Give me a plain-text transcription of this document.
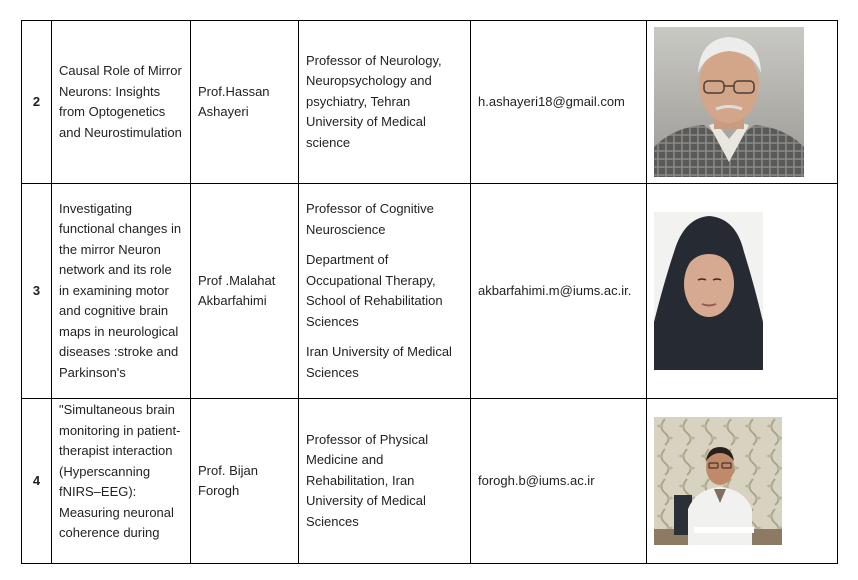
2	Causal Role of Mirror Neurons: Insights from Optogenetics and Neurostimulation	Prof.Hassan Ashayeri	Professor of Neurology, Neuropsychology and psychiatry, Tehran University of Medical science	h.ashayeri18@gmail.com	

3	Investigating functional changes in the mirror Neuron network and its role in examining motor and cognitive brain maps in neurological diseases :stroke and Parkinson's	Prof .Malahat Akbarfahimi	Professor of Cognitive Neuroscience

Department of Occupational Therapy, School of Rehabilitation Sciences

Iran University of Medical Sciences	akbarfahimi.m@iums.ac.ir.	

4	"Simultaneous brain monitoring in patient-therapist interaction (Hyperscanning fNIRS–EEG): Measuring neuronal coherence during	Prof. Bijan Forogh	Professor of Physical Medicine and Rehabilitation, Iran University of Medical Sciences	forogh.b@iums.ac.ir	
